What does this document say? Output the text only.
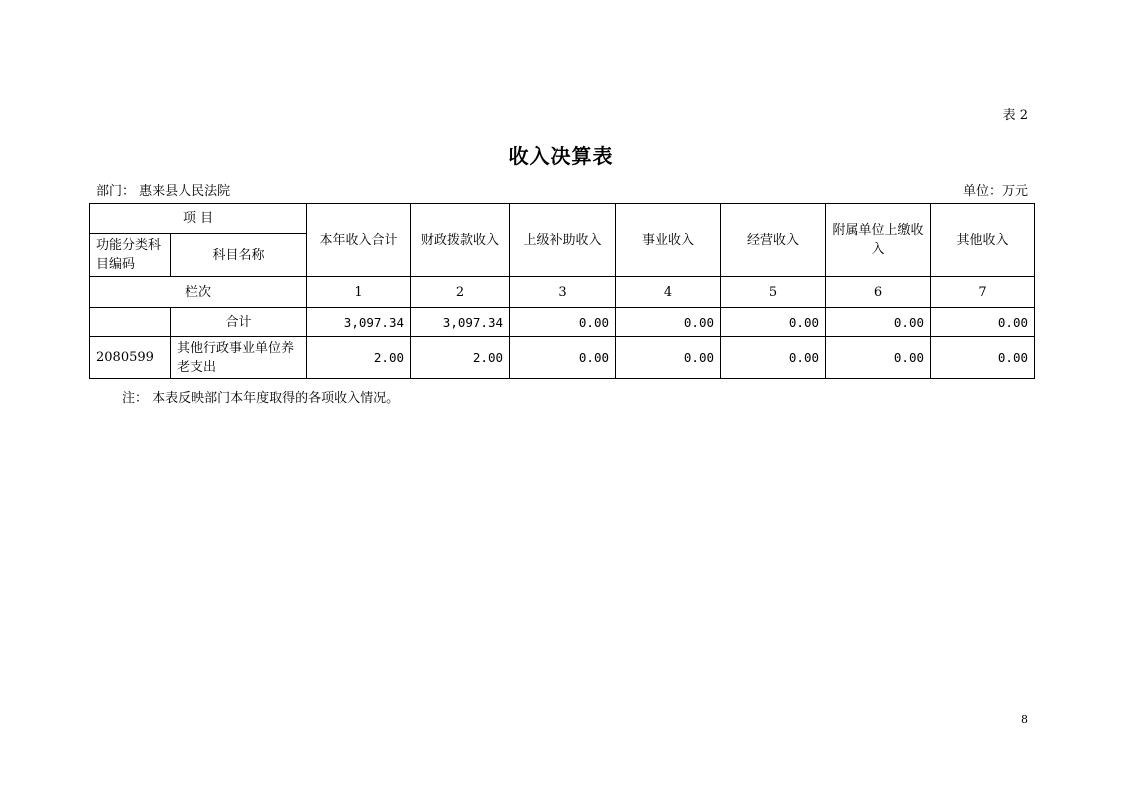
表 2
收入决算表
部门： 惠来县人民法院	单位：万元
项 目		本年收入合计	财政拨款收入	上级补助收入	事业收入	经营收入	附属单位上缴收入	其他收入
功能分类科目编码	科目名称							
栏次		1	2	3	4	5	6	7
	合计	3,097.34	3,097.34	0.00	0.00	0.00	0.00	0.00
2080599	其他行政事业单位养老支出	2.00	2.00	0.00	0.00	0.00	0.00	0.00
注： 本表反映部门本年度取得的各项收入情况。
8
